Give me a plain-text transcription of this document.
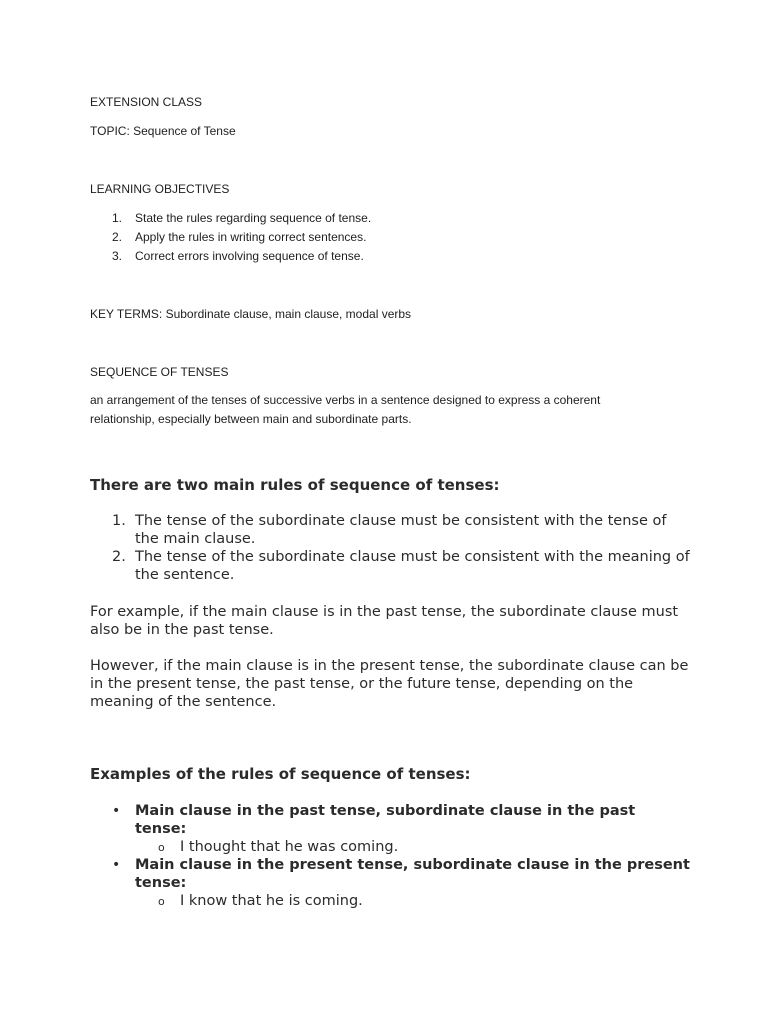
EXTENSION CLASS

TOPIC: Sequence of Tense

LEARNING OBJECTIVES

1. State the rules regarding sequence of tense.
2. Apply the rules in writing correct sentences.
3. Correct errors involving sequence of tense.

KEY TERMS: Subordinate clause, main clause, modal verbs

SEQUENCE OF TENSES

an arrangement of the tenses of successive verbs in a sentence designed to express a coherent relationship, especially between main and subordinate parts.

There are two main rules of sequence of tenses:

1. The tense of the subordinate clause must be consistent with the tense of the main clause.
2. The tense of the subordinate clause must be consistent with the meaning of the sentence.

For example, if the main clause is in the past tense, the subordinate clause must also be in the past tense.

However, if the main clause is in the present tense, the subordinate clause can be in the present tense, the past tense, or the future tense, depending on the meaning of the sentence.

Examples of the rules of sequence of tenses:

• Main clause in the past tense, subordinate clause in the past tense:
o I thought that he was coming.
• Main clause in the present tense, subordinate clause in the present tense:
o I know that he is coming.
